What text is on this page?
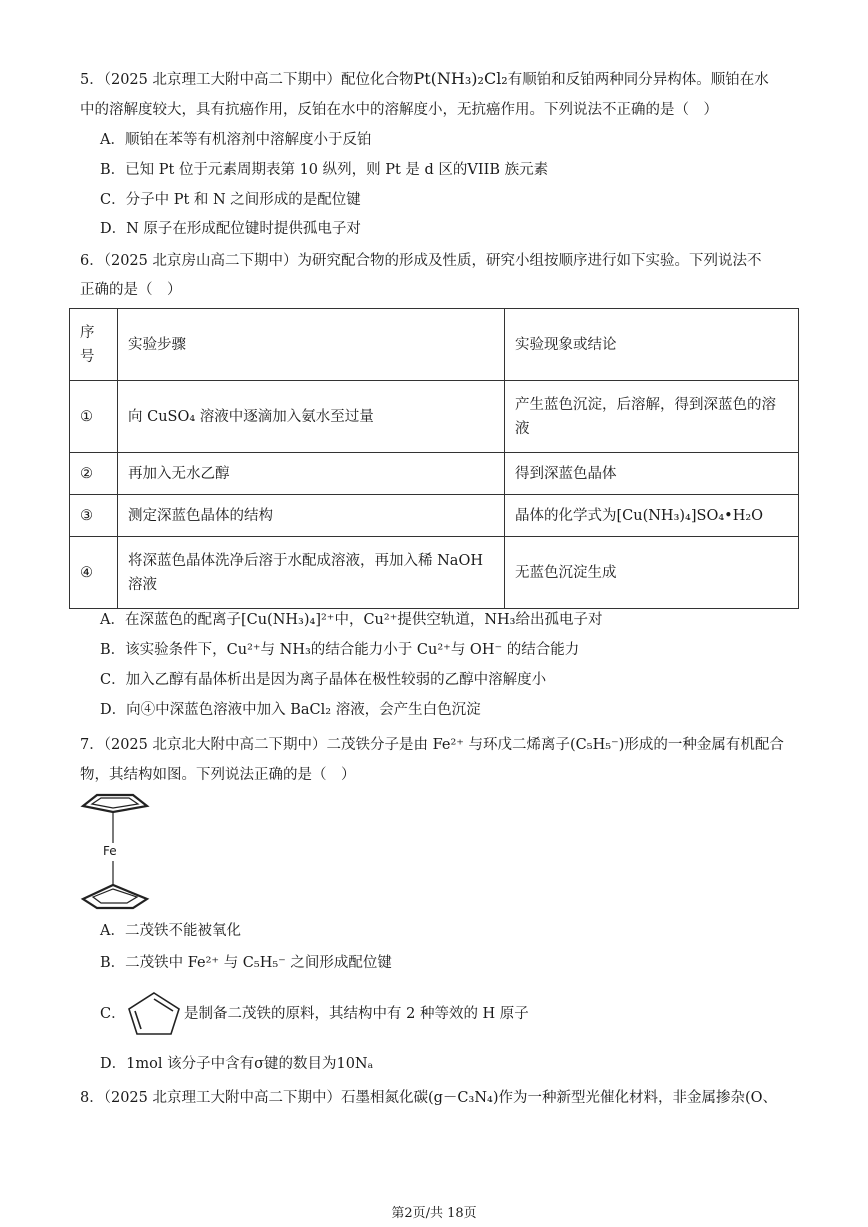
5．（2025 北京理工大附中高二下期中）配位化合物Pt(NH₃)₂Cl₂有顺铂和反铂两种同分异构体。顺铂在水
中的溶解度较大，具有抗癌作用，反铂在水中的溶解度小，无抗癌作用。下列说法不正确的是（　）
A．顺铂在苯等有机溶剂中溶解度小于反铂
B．已知 Pt 位于元素周期表第 10 纵列，则 Pt 是 d 区的VIIB 族元素
C．分子中 Pt 和 N 之间形成的是配位键
D．N 原子在形成配位键时提供孤电子对
6．（2025 北京房山高二下期中）为研究配合物的形成及性质，研究小组按顺序进行如下实验。下列说法不
正确的是（　）
序号	实验步骤	实验现象或结论
①	向 CuSO₄ 溶液中逐滴加入氨水至过量	产生蓝色沉淀，后溶解，得到深蓝色的溶液
②	再加入无水乙醇	得到深蓝色晶体
③	测定深蓝色晶体的结构	晶体的化学式为[Cu(NH₃)₄]SO₄•H₂O
④	将深蓝色晶体洗净后溶于水配成溶液，再加入稀 NaOH 溶液	无蓝色沉淀生成
A．在深蓝色的配离子[Cu(NH₃)₄]²⁺中，Cu²⁺提供空轨道，NH₃给出孤电子对
B．该实验条件下，Cu²⁺与 NH₃的结合能力小于 Cu²⁺与 OH⁻ 的结合能力
C．加入乙醇有晶体析出是因为离子晶体在极性较弱的乙醇中溶解度小
D．向④中深蓝色溶液中加入 BaCl₂ 溶液，会产生白色沉淀
7．（2025 北京北大附中高二下期中）二茂铁分子是由 Fe²⁺ 与环戊二烯离子(C₅H₅⁻)形成的一种金属有机配合
物，其结构如图。下列说法正确的是（　）
Fe
A．二茂铁不能被氧化
B．二茂铁中 Fe²⁺ 与 C₅H₅⁻ 之间形成配位键
C．	是制备二茂铁的原料，其结构中有 2 种等效的 H 原子
D．1mol 该分子中含有σ键的数目为10Nₐ
8．（2025 北京理工大附中高二下期中）石墨相氮化碳(g－C₃N₄)作为一种新型光催化材料，非金属掺杂(O、
第2页/共 18页
